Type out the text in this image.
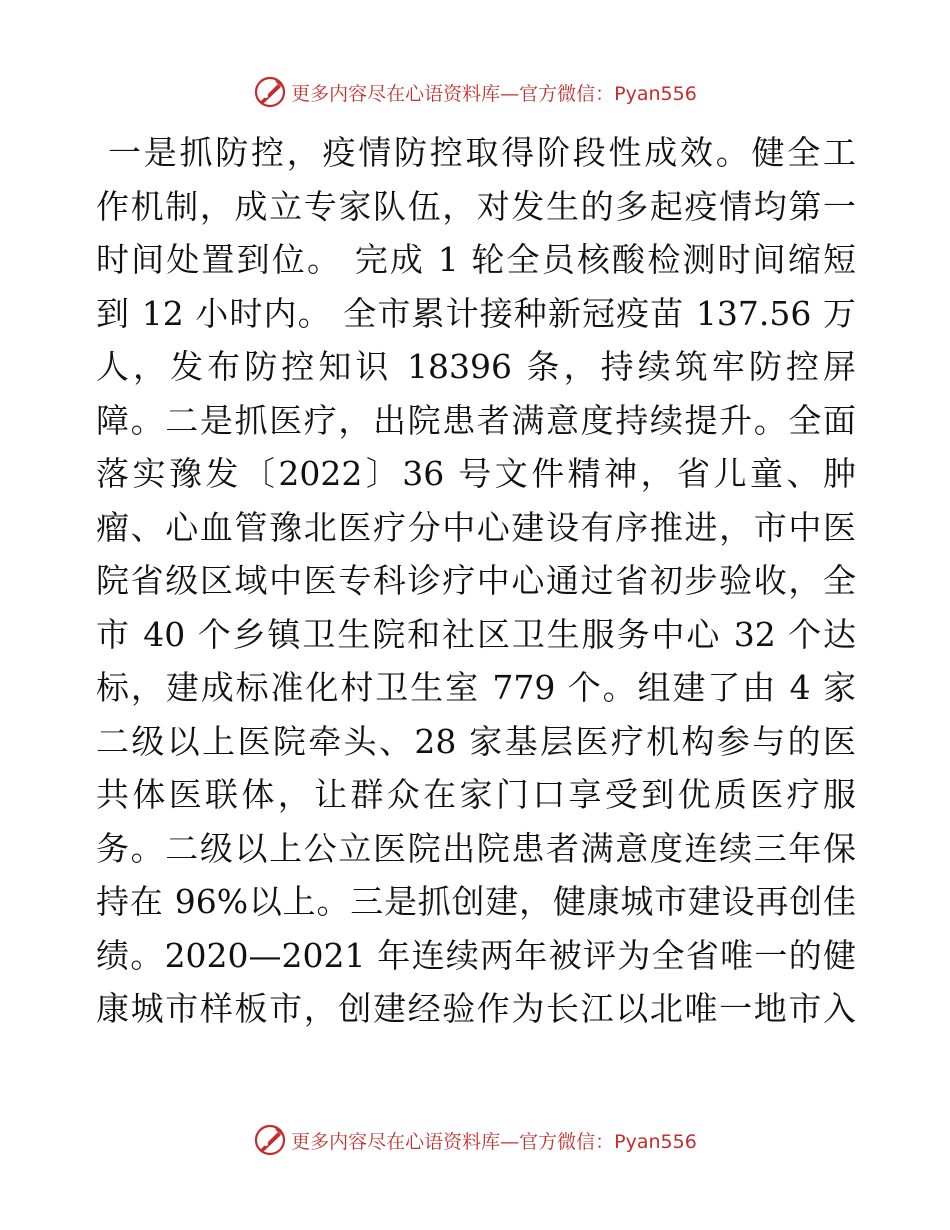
更多内容尽在心语资料库—官方微信：Pyan556
一是抓防控，疫情防控取得阶段性成效。健全工
作机制，成立专家队伍，对发生的多起疫情均第一
时间处置到位。 完成 1 轮全员核酸检测时间缩短
到 12 小时内。 全市累计接种新冠疫苗 137.56 万
人，发布防控知识 18396 条，持续筑牢防控屏
障。二是抓医疗，出院患者满意度持续提升。全面
落实豫发〔2022〕36 号文件精神，省儿童、肿
瘤、心血管豫北医疗分中心建设有序推进，市中医
院省级区域中医专科诊疗中心通过省初步验收，全
市 40 个乡镇卫生院和社区卫生服务中心 32 个达
标，建成标准化村卫生室 779 个。组建了由 4 家
二级以上医院牵头、28 家基层医疗机构参与的医
共体医联体，让群众在家门口享受到优质医疗服
务。二级以上公立医院出院患者满意度连续三年保
持在 96%以上。三是抓创建，健康城市建设再创佳
绩。2020—2021 年连续两年被评为全省唯一的健
康城市样板市，创建经验作为长江以北唯一地市入
更多内容尽在心语资料库—官方微信：Pyan556
